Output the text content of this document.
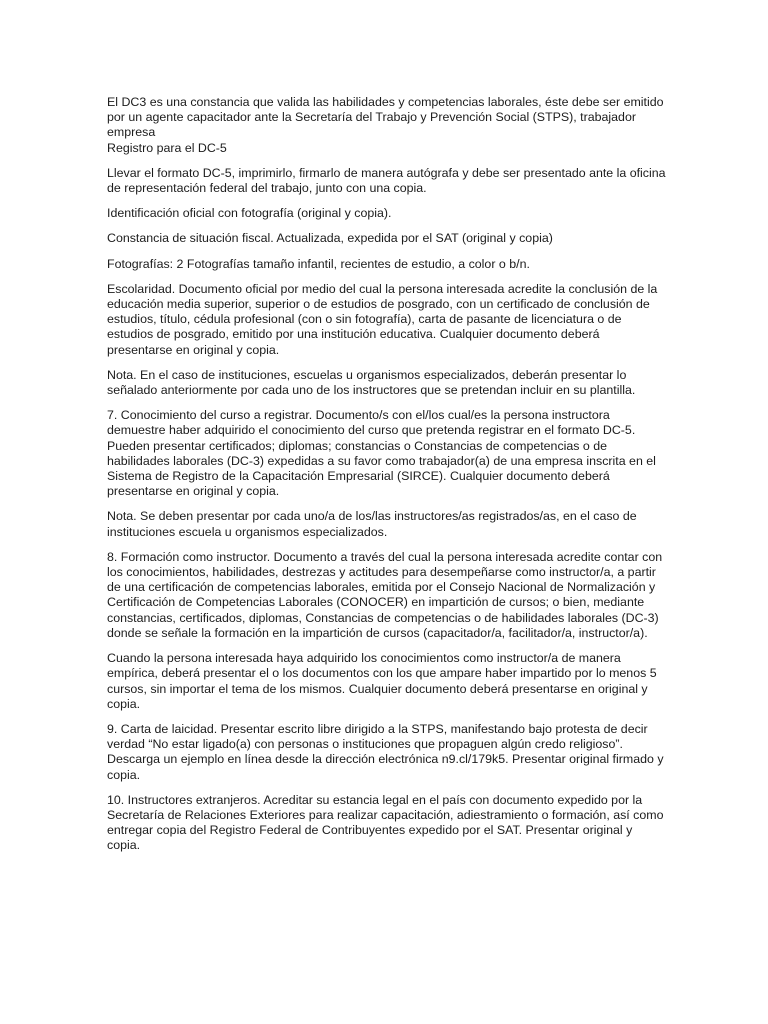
El DC3 es una constancia que valida las habilidades y competencias laborales, éste debe ser emitido por un agente capacitador ante la Secretaría del Trabajo y Prevención Social (STPS), trabajador empresa

Registro para el DC-5

Llevar el formato DC-5, imprimirlo, firmarlo de manera autógrafa y debe ser presentado ante la oficina de representación federal del trabajo, junto con una copia.

Identificación oficial con fotografía (original y copia).

Constancia de situación fiscal. Actualizada, expedida por el SAT (original y copia)

Fotografías: 2 Fotografías tamaño infantil, recientes de estudio, a color o b/n.

Escolaridad. Documento oficial por medio del cual la persona interesada acredite la conclusión de la educación media superior, superior o de estudios de posgrado, con un certificado de conclusión de estudios, título, cédula profesional (con o sin fotografía), carta de pasante de licenciatura o de estudios de posgrado, emitido por una institución educativa. Cualquier documento deberá presentarse en original y copia.

Nota. En el caso de instituciones, escuelas u organismos especializados, deberán presentar lo señalado anteriormente por cada uno de los instructores que se pretendan incluir en su plantilla.

7. Conocimiento del curso a registrar. Documento/s con el/los cual/es la persona instructora demuestre haber adquirido el conocimiento del curso que pretenda registrar en el formato DC-5. Pueden presentar certificados; diplomas; constancias o Constancias de competencias o de habilidades laborales (DC-3) expedidas a su favor como trabajador(a) de una empresa inscrita en el Sistema de Registro de la Capacitación Empresarial (SIRCE). Cualquier documento deberá presentarse en original y copia.

Nota. Se deben presentar por cada uno/a de los/las instructores/as registrados/as, en el caso de instituciones escuela u organismos especializados.

8. Formación como instructor. Documento a través del cual la persona interesada acredite contar con los conocimientos, habilidades, destrezas y actitudes para desempeñarse como instructor/a, a partir de una certificación de competencias laborales, emitida por el Consejo Nacional de Normalización y Certificación de Competencias Laborales (CONOCER) en impartición de cursos; o bien, mediante constancias, certificados, diplomas, Constancias de competencias o de habilidades laborales (DC-3) donde se señale la formación en la impartición de cursos (capacitador/a, facilitador/a, instructor/a).

Cuando la persona interesada haya adquirido los conocimientos como instructor/a de manera empírica, deberá presentar el o los documentos con los que ampare haber impartido por lo menos 5 cursos, sin importar el tema de los mismos. Cualquier documento deberá presentarse en original y copia.

9. Carta de laicidad. Presentar escrito libre dirigido a la STPS, manifestando bajo protesta de decir verdad “No estar ligado(a) con personas o instituciones que propaguen algún credo religioso”. Descarga un ejemplo en línea desde la dirección electrónica n9.cl/179k5. Presentar original firmado y copia.

10. Instructores extranjeros. Acreditar su estancia legal en el país con documento expedido por la Secretaría de Relaciones Exteriores para realizar capacitación, adiestramiento o formación, así como entregar copia del Registro Federal de Contribuyentes expedido por el SAT. Presentar original y copia.
